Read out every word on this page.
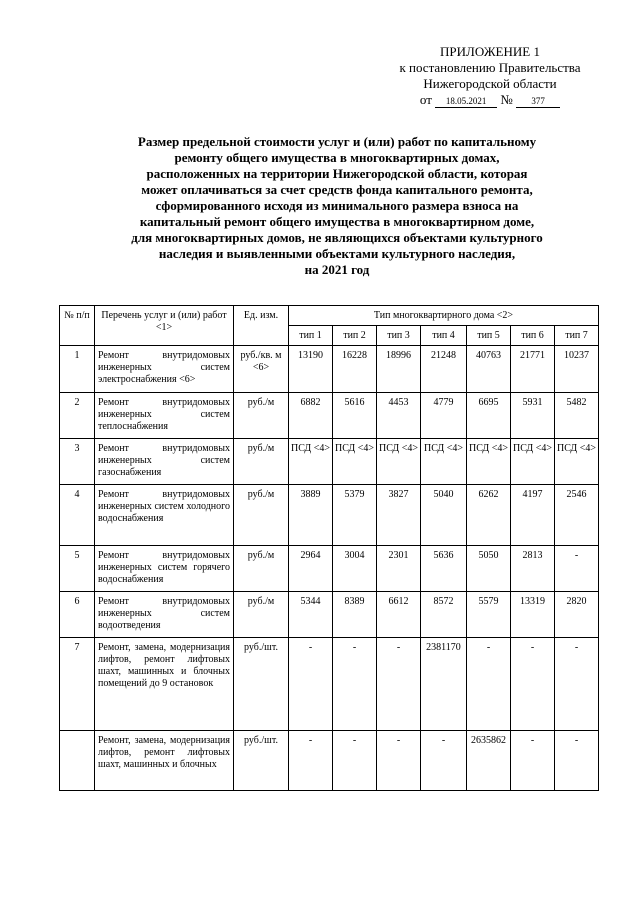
ПРИЛОЖЕНИЕ 1
к постановлению Правительства
Нижегородской области
от 18.05.2021 № 377
Размер предельной стоимости услуг и (или) работ по капитальному
ремонту общего имущества в многоквартирных домах,
расположенных на территории Нижегородской области, которая
может оплачиваться за счет средств фонда капитального ремонта,
сформированного исходя из минимального размера взноса на
капитальный ремонт общего имущества в многоквартирном доме,
для многоквартирных домов, не являющихся объектами культурного
наследия и выявленными объектами культурного наследия,
на 2021 год
№ п/п	Перечень услуг и (или) работ <1>	Ед. изм.	Тип многоквартирного дома <2>						
			тип 1	тип 2	тип 3	тип 4	тип 5	тип 6	тип 7
1	Ремонт внутридомовых инженерных систем электроснабжения <6>	руб./кв. м <6>	13190	16228	18996	21248	40763	21771	10237
2	Ремонт внутридомовых инженерных систем теплоснабжения	руб./м	6882	5616	4453	4779	6695	5931	5482
3	Ремонт внутридомовых инженерных систем газоснабжения	руб./м	ПСД <4>	ПСД <4>	ПСД <4>	ПСД <4>	ПСД <4>	ПСД <4>	ПСД <4>
4	Ремонт внутридомовых инженерных систем холодного водоснабжения	руб./м	3889	5379	3827	5040	6262	4197	2546
5	Ремонт внутридомовых инженерных систем горячего водоснабжения	руб./м	2964	3004	2301	5636	5050	2813	-
6	Ремонт внутридомовых инженерных систем водоотведения	руб./м	5344	8389	6612	8572	5579	13319	2820
7	Ремонт, замена, модернизация лифтов, ремонт лифтовых шахт, машинных и блочных помещений до 9 остановок	руб./шт.	-	-	-	2381170	-	-	-
	Ремонт, замена, модернизация лифтов, ремонт лифтовых шахт, машинных и блочных	руб./шт.	-	-	-	-	2635862	-	-
